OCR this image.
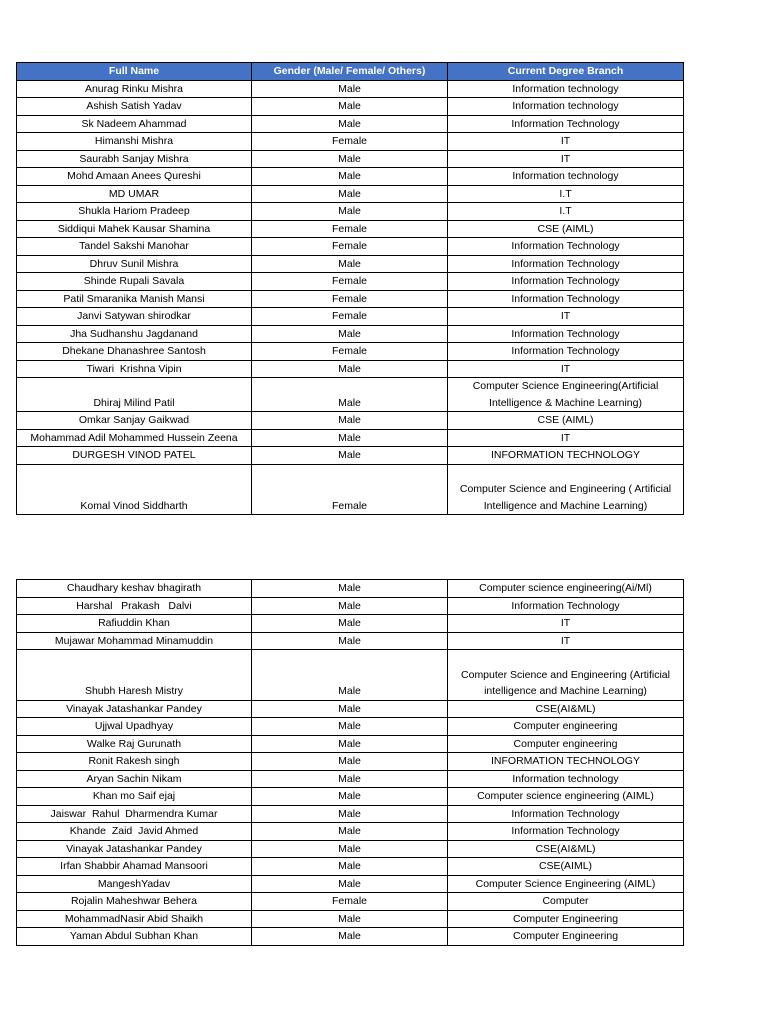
Full Name	Gender (Male/ Female/ Others)	Current Degree Branch
Anurag Rinku Mishra	Male	Information technology
Ashish Satish Yadav	Male	Information technology
Sk Nadeem Ahammad	Male	Information Technology
Himanshi Mishra	Female	IT
Saurabh Sanjay Mishra	Male	IT
Mohd Amaan Anees Qureshi	Male	Information technology
MD UMAR	Male	I.T
Shukla Hariom Pradeep	Male	I.T
Siddiqui Mahek Kausar Shamina	Female	CSE (AIML)
Tandel Sakshi Manohar	Female	Information Technology
Dhruv Sunil Mishra	Male	Information Technology
Shinde Rupali Savala	Female	Information Technology
Patil Smaranika Manish Mansi	Female	Information Technology
Janvi Satywan shirodkar	Female	IT
Jha Sudhanshu Jagdanand	Male	Information Technology
Dhekane Dhanashree Santosh	Female	Information Technology
Tiwari  Krishna Vipin	Male	IT
Dhiraj Milind Patil	Male	Computer Science Engineering(Artificial Intelligence & Machine Learning)
Omkar Sanjay Gaikwad	Male	CSE (AIML)
Mohammad Adil Mohammed Hussein Zeena	Male	IT
DURGESH VINOD PATEL	Male	INFORMATION TECHNOLOGY
Komal Vinod Siddharth	Female	Computer Science and Engineering ( Artificial Intelligence and Machine Learning)
Chaudhary keshav bhagirath	Male	Computer science engineering(Ai/Ml)
Harshal   Prakash   Dalvi	Male	Information Technology
Rafiuddin Khan	Male	IT
Mujawar Mohammad Minamuddin	Male	IT
Shubh Haresh Mistry	Male	Computer Science and Engineering (Artificial intelligence and Machine Learning)
Vinayak Jatashankar Pandey	Male	CSE(AI&ML)
Ujjwal Upadhyay	Male	Computer engineering
Walke Raj Gurunath	Male	Computer engineering
Ronit Rakesh singh	Male	INFORMATION TECHNOLOGY
Aryan Sachin Nikam	Male	Information technology
Khan mo Saif ejaj	Male	Computer science engineering (AIML)
Jaiswar  Rahul  Dharmendra Kumar	Male	Information Technology
Khande  Zaid  Javid Ahmed	Male	Information Technology
Vinayak Jatashankar Pandey	Male	CSE(AI&ML)
Irfan Shabbir Ahamad Mansoori	Male	CSE(AIML)
MangeshYadav	Male	Computer Science Engineering (AIML)
Rojalin Maheshwar Behera	Female	Computer
MohammadNasir Abid Shaikh	Male	Computer Engineering
Yaman Abdul Subhan Khan	Male	Computer Engineering
